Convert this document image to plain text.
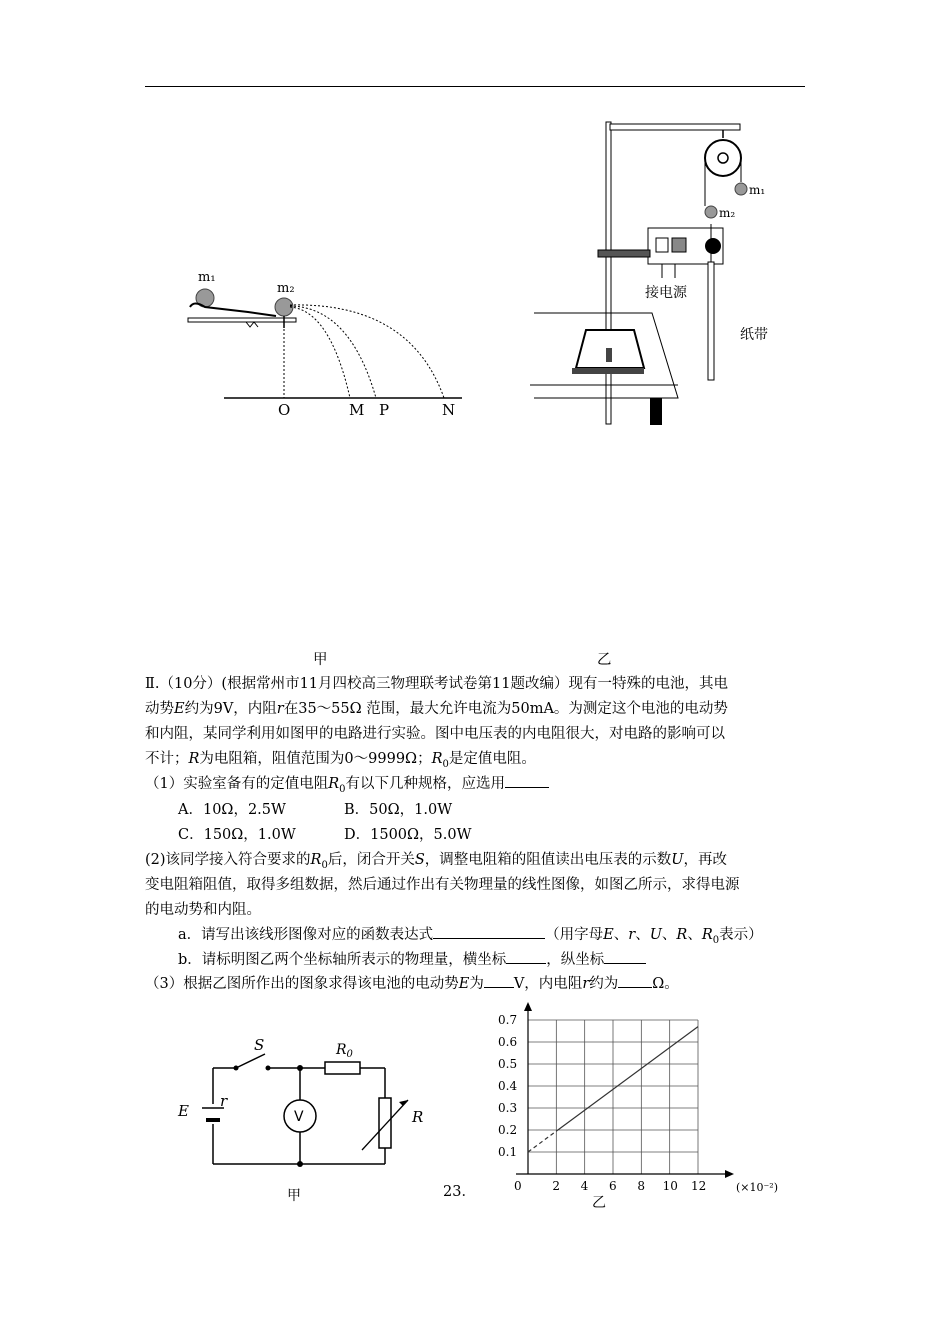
m₁
m₂
O	M P	N
m₁
m₂
接电源
纸带
甲	乙
Ⅱ.（10分）(根据常州市11月四校高三物理联考试卷第11题改编）现有一特殊的电池，其电
动势E约为9V，内阻r在35～55Ω 范围，最大允许电流为50mA。为测定这个电池的电动势
和内阻，某同学利用如图甲的电路进行实验。图中电压表的内电阻很大，对电路的影响可以
不计；R为电阻箱，阻值范围为0～9999Ω；$R_0$是定值电阻。
（1）实验室备有的定值电阻$R_0$有以下几种规格，应选用
A．10Ω，2.5W	B．50Ω，1.0W
C．150Ω，1.0W	D．1500Ω，5.0W
(2)该同学接入符合要求的$R_0$后，闭合开关S，调整电阻箱的阻值读出电压表的示数U，再改
变电阻箱阻值，取得多组数据，然后通过作出有关物理量的线性图像，如图乙所示，求得电源
的电动势和内阻。
a．请写出该线形图像对应的函数表达式	（用字母E、r、U、R、$R_0$表示）
b．请标明图乙两个坐标轴所表示的物理量，横坐标	，纵坐标
（3）根据乙图所作出的图象求得该电池的电动势E为 V，内电阻r约为 Ω。
V
S	$R_0$
E
r
R
甲	23．
0.1
0.2
0.3
0.4
0.5
0.6
0.7
0	2 4 6 8 10 12	(×10⁻²)
乙
